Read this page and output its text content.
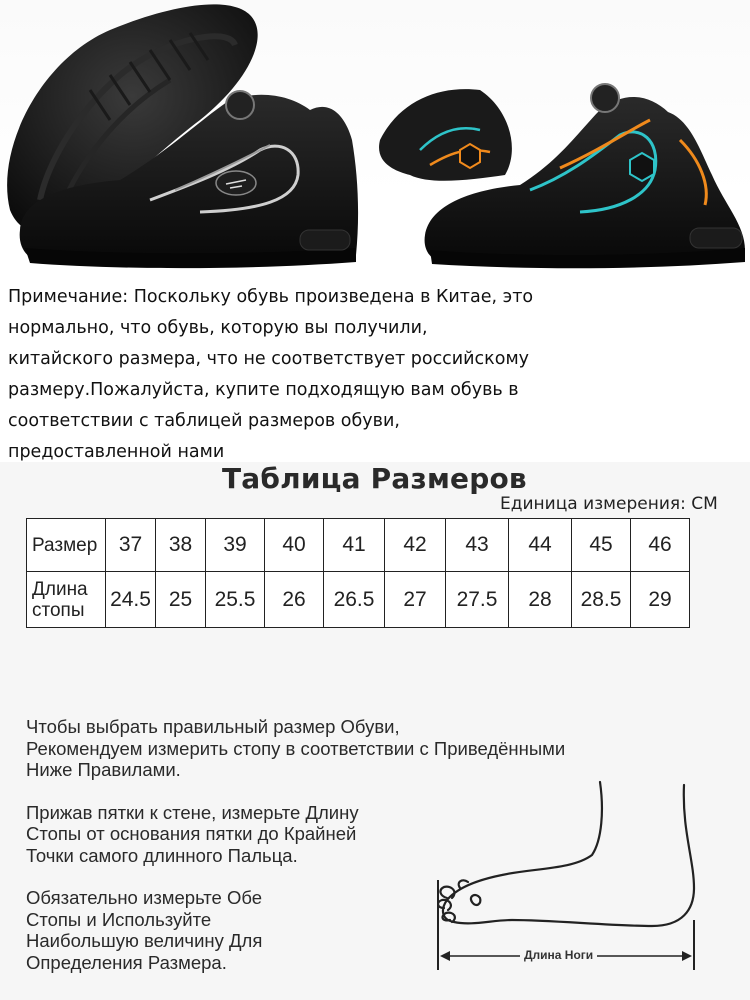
Примечание: Поскольку обувь произведена в Китае, это
нормально, что обувь, которую вы получили,
китайского размера, что не соответствует российскому
размеру.Пожалуйста, купите подходящую вам обувь в
соответствии с таблицей размеров обуви,
предоставленной нами
Таблица Размеров
Единица измерения: СМ
Размер	37	38	39	40	41	42	43	44	45	46

Длина
стопы	24.5	25	25.5	26	26.5	27	27.5	28	28.5	29

Чтобы выбрать правильный размер Обуви,
Рекомендуем измерить стопу в соответствии с Приведёнными
Ниже Правилами.

Прижав пятки к стене, измерьте Длину
Стопы от основания пятки до Крайней
Точки самого длинного Пальца.

Обязательно измерьте Обе
Стопы и Используйте
Наибольшую величину Для
Определения Размера.	Длина Ноги
